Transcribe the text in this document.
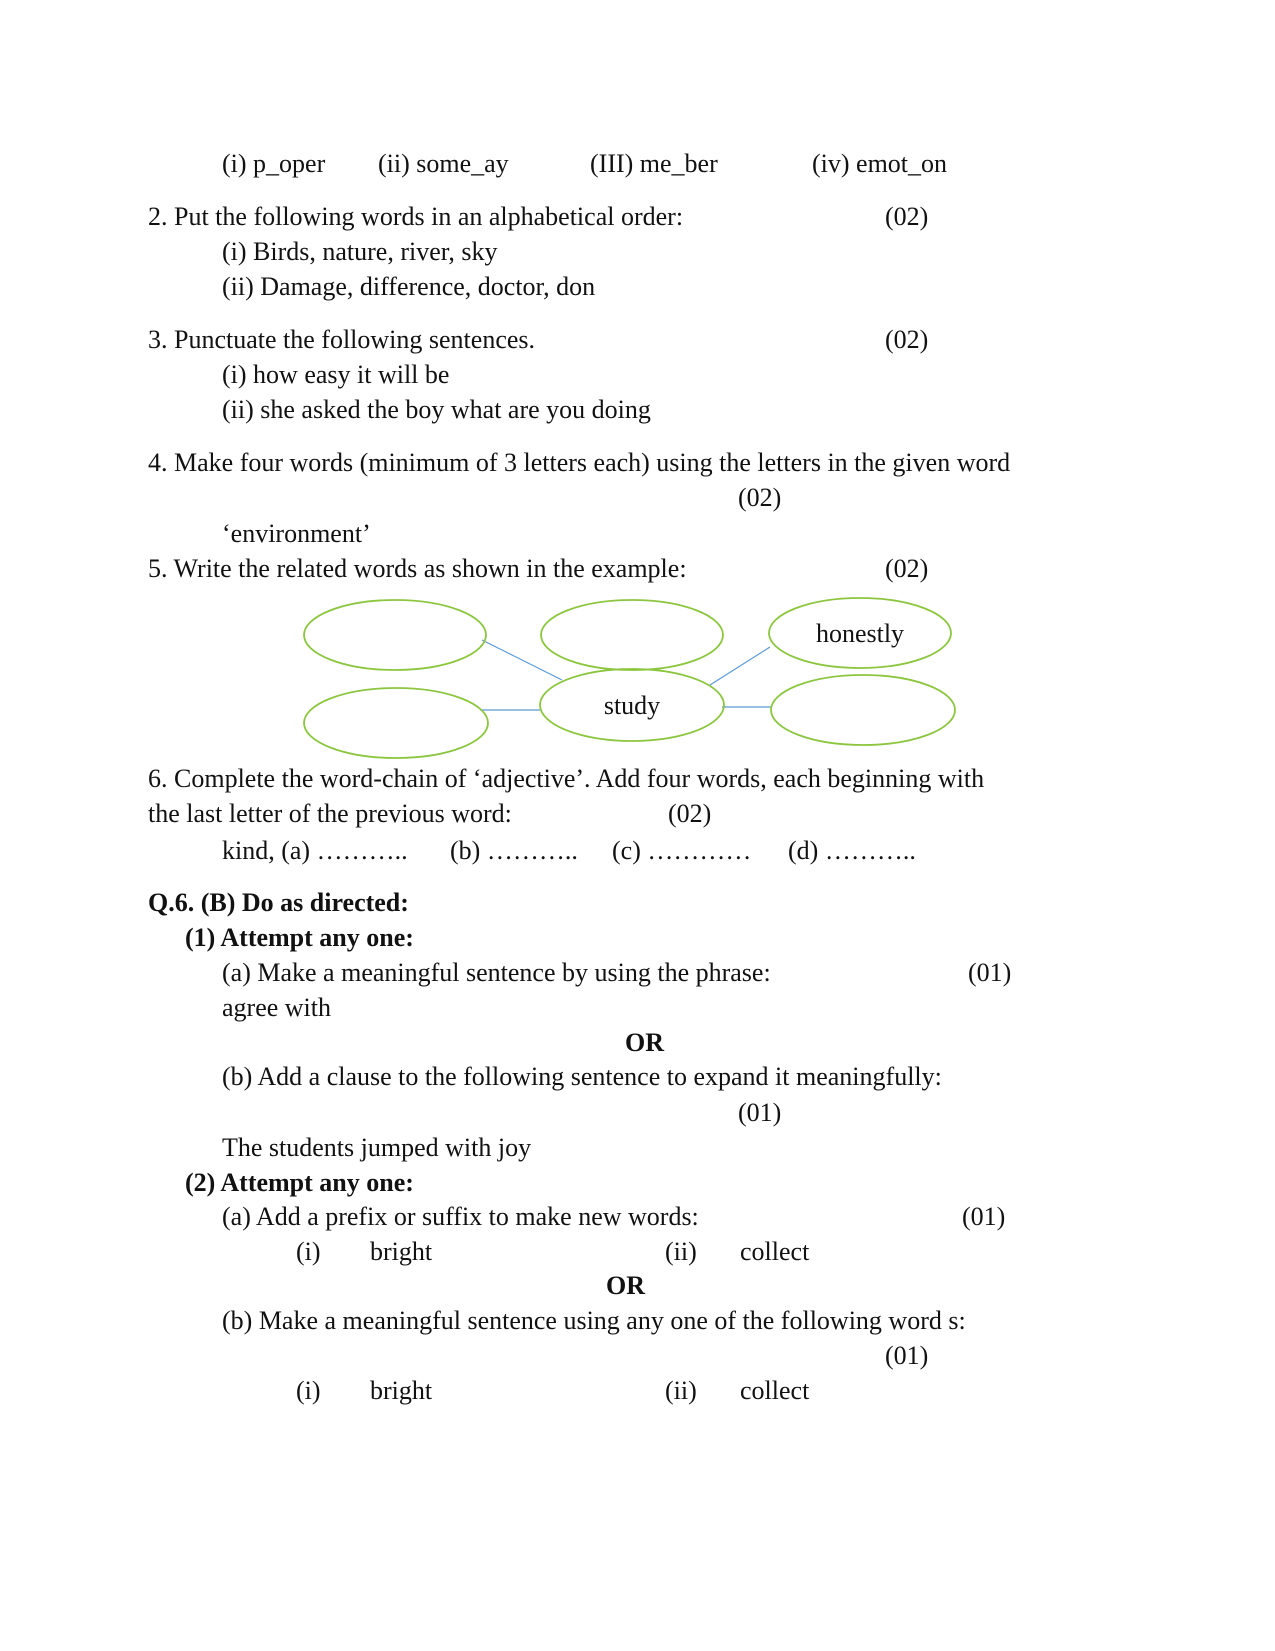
(i) p_oper (ii) some_ay	(III) me_ber	(iv) emot_on
2. Put the following words in an alphabetical order:	(02)
(i) Birds, nature, river, sky
(ii) Damage, difference, doctor, don
3. Punctuate the following sentences.	(02)
(i) how easy it will be
(ii) she asked the boy what are you doing
4. Make four words (minimum of 3 letters each) using the letters in the given word
(02)
‘environment’
5. Write the related words as shown in the example:	(02)
honestly
study
6. Complete the word-chain of ‘adjective’. Add four words, each beginning with
the last letter of the previous word:	(02)
kind, (a) ……….. (b) ……….. (c) ………… (d) ………..
Q.6. (B) Do as directed:
(1) Attempt any one:
(a) Make a meaningful sentence by using the phrase:	(01)
agree with
OR
(b) Add a clause to the following sentence to expand it meaningfully:
(01)
The students jumped with joy
(2) Attempt any one:
(a) Add a prefix or suffix to make new words:	(01)
(i) bright	(ii) collect
OR
(b) Make a meaningful sentence using any one of the following word s:
(01)
(i) bright	(ii) collect
